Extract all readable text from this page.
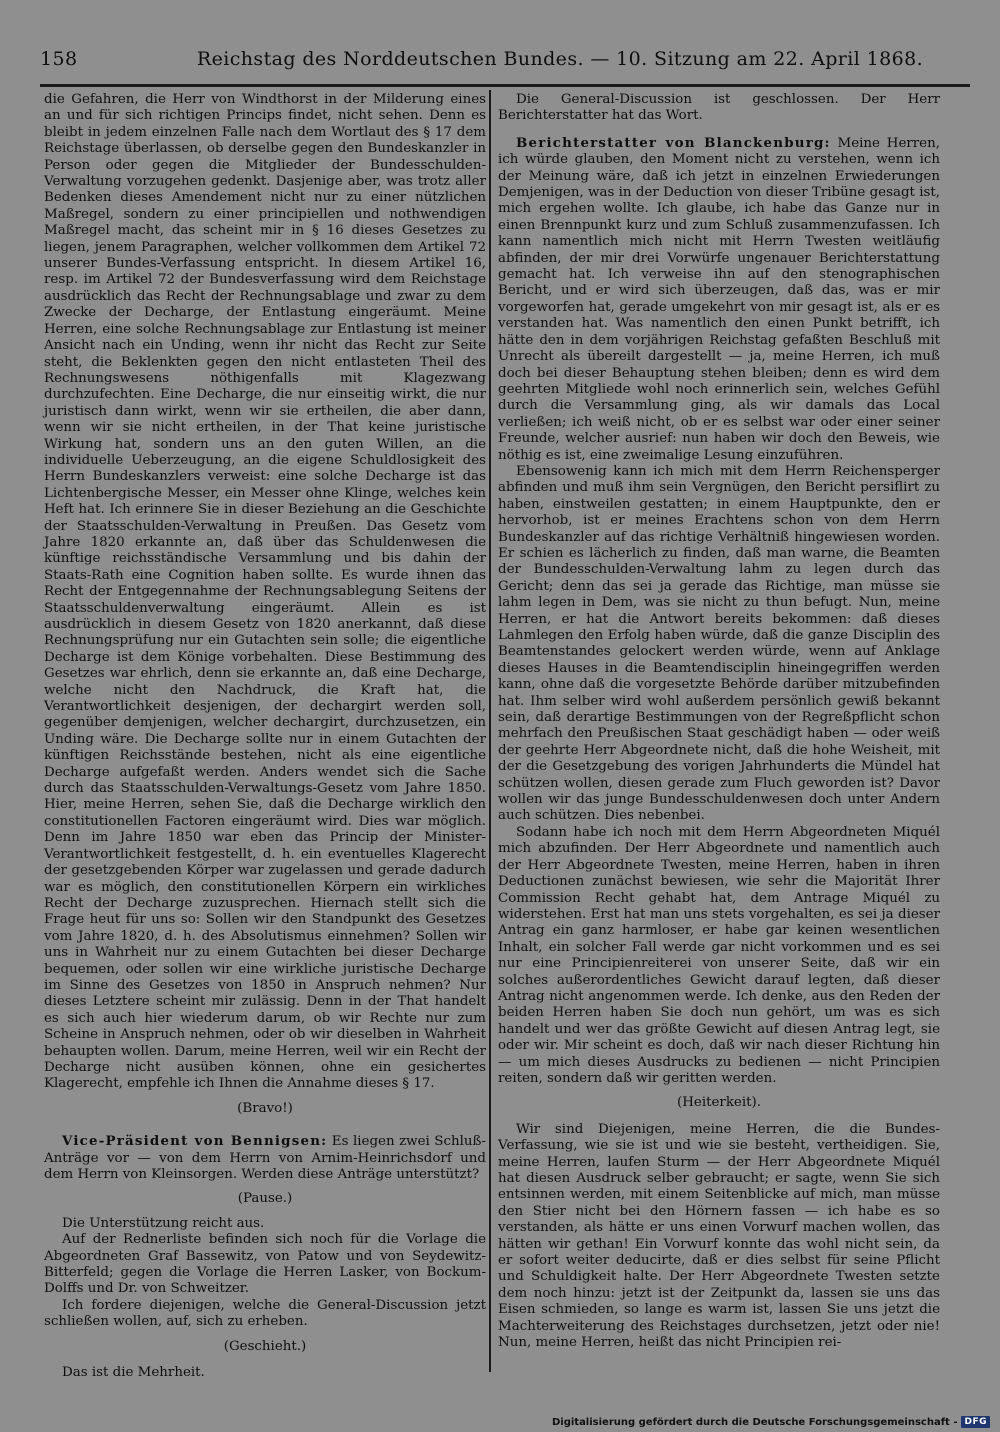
158	Reichstag des Norddeutschen Bundes. — 10. Sitzung am 22. April 1868.

die Gefahren, die Herr von Windthorst in der Milderung eines an und für sich richtigen Princips findet, nicht sehen. Denn es bleibt in jedem einzelnen Falle nach dem Wortlaut des § 17 dem Reichstage überlassen, ob derselbe gegen den Bundeskanzler in Person oder gegen die Mitglieder der Bundesschulden-Verwaltung vorzugehen gedenkt. Dasjenige aber, was trotz aller Bedenken dieses Amendement nicht nur zu einer nützlichen Maßregel, sondern zu einer principiellen und nothwendigen Maßregel macht, das scheint mir in § 16 dieses Gesetzes zu liegen, jenem Paragraphen, welcher vollkommen dem Artikel 72 unserer Bundes-Verfassung entspricht. In diesem Artikel 16, resp. im Artikel 72 der Bundesverfassung wird dem Reichstage ausdrücklich das Recht der Rechnungsablage und zwar zu dem Zwecke der Decharge, der Entlastung eingeräumt. Meine Herren, eine solche Rechnungsablage zur Entlastung ist meiner Ansicht nach ein Unding, wenn ihr nicht das Recht zur Seite steht, die Beklenkten gegen den nicht entlasteten Theil des Rechnungswesens nöthigenfalls mit Klagezwang durchzufechten. Eine Decharge, die nur einseitig wirkt, die nur juristisch dann wirkt, wenn wir sie ertheilen, die aber dann, wenn wir sie nicht ertheilen, in der That keine juristische Wirkung hat, sondern uns an den guten Willen, an die individuelle Ueberzeugung, an die eigene Schuldlosigkeit des Herrn Bundeskanzlers verweist: eine solche Decharge ist das Lichtenbergische Messer, ein Messer ohne Klinge, welches kein Heft hat. Ich erinnere Sie in dieser Beziehung an die Geschichte der Staatsschulden-Verwaltung in Preußen. Das Gesetz vom Jahre 1820 erkannte an, daß über das Schuldenwesen die künftige reichsständische Versammlung und bis dahin der Staats-Rath eine Cognition haben sollte. Es wurde ihnen das Recht der Entgegennahme der Rechnungsablegung Seitens der Staatsschuldenverwaltung eingeräumt. Allein es ist ausdrücklich in diesem Gesetz von 1820 anerkannt, daß diese Rechnungsprüfung nur ein Gutachten sein solle; die eigentliche Decharge ist dem Könige vorbehalten. Diese Bestimmung des Gesetzes war ehrlich, denn sie erkannte an, daß eine Decharge, welche nicht den Nachdruck, die Kraft hat, die Verantwortlichkeit desjenigen, der dechargirt werden soll, gegenüber demjenigen, welcher dechargirt, durchzusetzen, ein Unding wäre. Die Decharge sollte nur in einem Gutachten der künftigen Reichsstände bestehen, nicht als eine eigentliche Decharge aufgefaßt werden. Anders wendet sich die Sache durch das Staatsschulden-Verwaltungs-Gesetz vom Jahre 1850. Hier, meine Herren, sehen Sie, daß die Decharge wirklich den constitutionellen Factoren eingeräumt wird. Dies war möglich. Denn im Jahre 1850 war eben das Princip der Minister-Verantwortlichkeit festgestellt, d. h. ein eventuelles Klagerecht der gesetzgebenden Körper war zugelassen und gerade dadurch war es möglich, den constitutionellen Körpern ein wirkliches Recht der Decharge zuzusprechen. Hiernach stellt sich die Frage heut für uns so: Sollen wir den Standpunkt des Gesetzes vom Jahre 1820, d. h. des Absolutismus einnehmen? Sollen wir uns in Wahrheit nur zu einem Gutachten bei dieser Decharge bequemen, oder sollen wir eine wirkliche juristische Decharge im Sinne des Gesetzes von 1850 in Anspruch nehmen? Nur dieses Letztere scheint mir zulässig. Denn in der That handelt es sich auch hier wiederum darum, ob wir Rechte nur zum Scheine in Anspruch nehmen, oder ob wir dieselben in Wahrheit behaupten wollen. Darum, meine Herren, weil wir ein Recht der Decharge nicht ausüben können, ohne ein gesichertes Klagerecht, empfehle ich Ihnen die Annahme dieses § 17.

(Bravo!)

Vice-Präsident von Bennigsen: Es liegen zwei Schluß-Anträge vor — von dem Herrn von Arnim-Heinrichsdorf und dem Herrn von Kleinsorgen. Werden diese Anträge unterstützt?

(Pause.)

Die Unterstützung reicht aus.

Auf der Rednerliste befinden sich noch für die Vorlage die Abgeordneten Graf Bassewitz, von Patow und von Seydewitz-Bitterfeld; gegen die Vorlage die Herren Lasker, von Bockum-Dolffs und Dr. von Schweitzer.

Ich fordere diejenigen, welche die General-Discussion jetzt schließen wollen, auf, sich zu erheben.

(Geschieht.)

Das ist die Mehrheit.

Die General-Discussion ist geschlossen. Der Herr Berichterstatter hat das Wort.

Berichterstatter von Blanckenburg: Meine Herren, ich würde glauben, den Moment nicht zu verstehen, wenn ich der Meinung wäre, daß ich jetzt in einzelnen Erwiederungen Demjenigen, was in der Deduction von dieser Tribüne gesagt ist, mich ergehen wollte. Ich glaube, ich habe das Ganze nur in einen Brennpunkt kurz und zum Schluß zusammenzufassen. Ich kann namentlich mich nicht mit Herrn Twesten weitläufig abfinden, der mir drei Vorwürfe ungenauer Berichterstattung gemacht hat. Ich verweise ihn auf den stenographischen Bericht, und er wird sich überzeugen, daß das, was er mir vorgeworfen hat, gerade umgekehrt von mir gesagt ist, als er es verstanden hat. Was namentlich den einen Punkt betrifft, ich hätte den in dem vorjährigen Reichstag gefaßten Beschluß mit Unrecht als übereilt dargestellt — ja, meine Herren, ich muß doch bei dieser Behauptung stehen bleiben; denn es wird dem geehrten Mitgliede wohl noch erinnerlich sein, welches Gefühl durch die Versammlung ging, als wir damals das Local verließen; ich weiß nicht, ob er es selbst war oder einer seiner Freunde, welcher ausrief: nun haben wir doch den Beweis, wie nöthig es ist, eine zweimalige Lesung einzuführen.

Ebensowenig kann ich mich mit dem Herrn Reichensperger abfinden und muß ihm sein Vergnügen, den Bericht persiflirt zu haben, einstweilen gestatten; in einem Hauptpunkte, den er hervorhob, ist er meines Erachtens schon von dem Herrn Bundeskanzler auf das richtige Verhältniß hingewiesen worden. Er schien es lächerlich zu finden, daß man warne, die Beamten der Bundesschulden-Verwaltung lahm zu legen durch das Gericht; denn das sei ja gerade das Richtige, man müsse sie lahm legen in Dem, was sie nicht zu thun befugt. Nun, meine Herren, er hat die Antwort bereits bekommen: daß dieses Lahmlegen den Erfolg haben würde, daß die ganze Disciplin des Beamtenstandes gelockert werden würde, wenn auf Anklage dieses Hauses in die Beamtendisciplin hineingegriffen werden kann, ohne daß die vorgesetzte Behörde darüber mitzubefinden hat. Ihm selber wird wohl außerdem persönlich gewiß bekannt sein, daß derartige Bestimmungen von der Regreßpflicht schon mehrfach den Preußischen Staat geschädigt haben — oder weiß der geehrte Herr Abgeordnete nicht, daß die hohe Weisheit, mit der die Gesetzgebung des vorigen Jahrhunderts die Mündel hat schützen wollen, diesen gerade zum Fluch geworden ist? Davor wollen wir das junge Bundesschuldenwesen doch unter Andern auch schützen. Dies nebenbei.

Sodann habe ich noch mit dem Herrn Abgeordneten Miquél mich abzufinden. Der Herr Abgeordnete und namentlich auch der Herr Abgeordnete Twesten, meine Herren, haben in ihren Deductionen zunächst bewiesen, wie sehr die Majorität Ihrer Commission Recht gehabt hat, dem Antrage Miquél zu widerstehen. Erst hat man uns stets vorgehalten, es sei ja dieser Antrag ein ganz harmloser, er habe gar keinen wesentlichen Inhalt, ein solcher Fall werde gar nicht vorkommen und es sei nur eine Principienreiterei von unserer Seite, daß wir ein solches außerordentliches Gewicht darauf legten, daß dieser Antrag nicht angenommen werde. Ich denke, aus den Reden der beiden Herren haben Sie doch nun gehört, um was es sich handelt und wer das größte Gewicht auf diesen Antrag legt, sie oder wir. Mir scheint es doch, daß wir nach dieser Richtung hin — um mich dieses Ausdrucks zu bedienen — nicht Principien reiten, sondern daß wir geritten werden.

(Heiterkeit).

Wir sind Diejenigen, meine Herren, die die Bundes-Verfassung, wie sie ist und wie sie besteht, vertheidigen. Sie, meine Herren, laufen Sturm — der Herr Abgeordnete Miquél hat diesen Ausdruck selber gebraucht; er sagte, wenn Sie sich entsinnen werden, mit einem Seitenblicke auf mich, man müsse den Stier nicht bei den Hörnern fassen — ich habe es so verstanden, als hätte er uns einen Vorwurf machen wollen, das hätten wir gethan! Ein Vorwurf konnte das wohl nicht sein, da er sofort weiter deducirte, daß er dies selbst für seine Pflicht und Schuldigkeit halte. Der Herr Abgeordnete Twesten setzte dem noch hinzu: jetzt ist der Zeitpunkt da, lassen sie uns das Eisen schmieden, so lange es warm ist, lassen Sie uns jetzt die Machterweiterung des Reichstages durchsetzen, jetzt oder nie! Nun, meine Herren, heißt das nicht Principien rei-

Digitalisierung gefördert durch die Deutsche Forschungsgemeinschaft - DFG
